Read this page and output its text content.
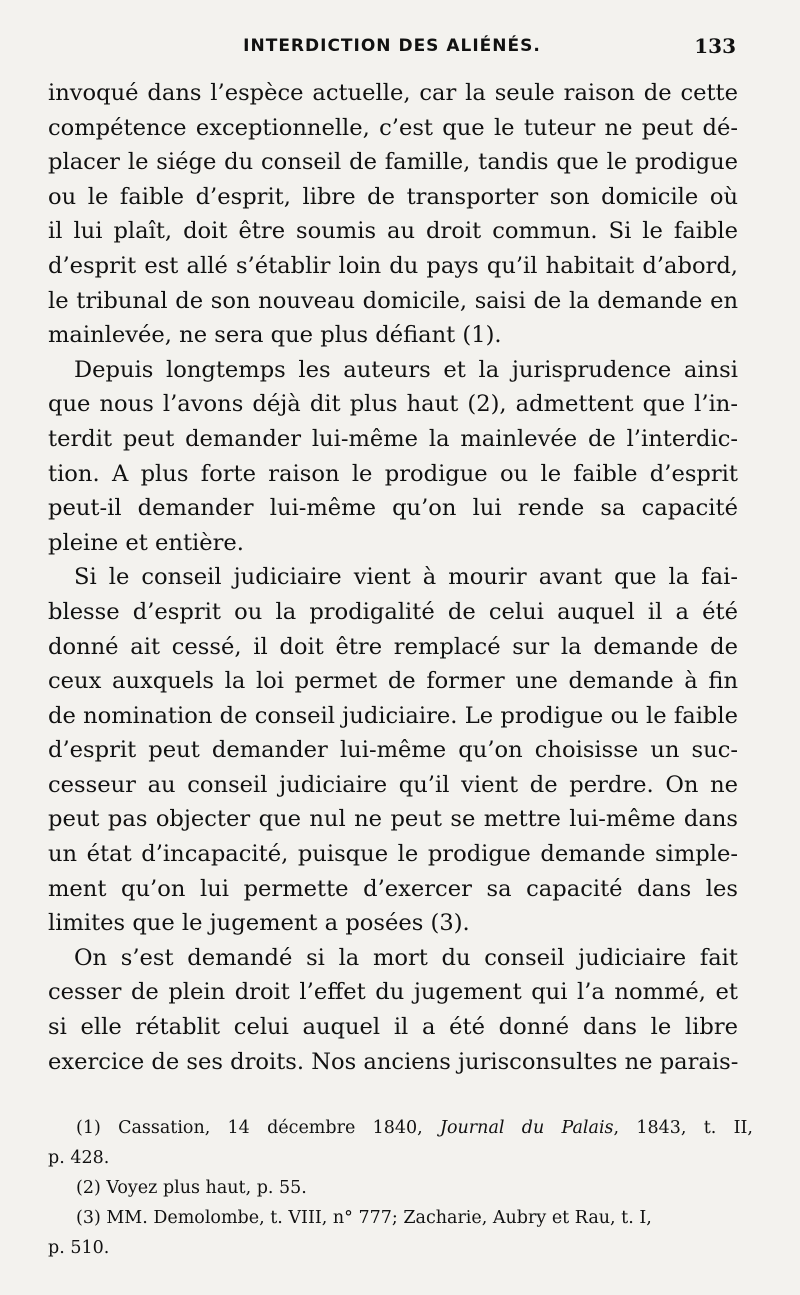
INTERDICTION DES ALIÉNÉS.	133
invoqué dans l’espèce actuelle, car la seule raison de cette
compétence exceptionnelle, c’est que le tuteur ne peut dé-
placer le siége du conseil de famille, tandis que le prodigue
ou le faible d’esprit, libre de transporter son domicile où
il lui plaît, doit être soumis au droit commun. Si le faible
d’esprit est allé s’établir loin du pays qu’il habitait d’abord,
le tribunal de son nouveau domicile, saisi de la demande en
mainlevée, ne sera que plus défiant (1).
Depuis longtemps les auteurs et la jurisprudence ainsi
que nous l’avons déjà dit plus haut (2), admettent que l’in-
terdit peut demander lui-même la mainlevée de l’interdic-
tion. A plus forte raison le prodigue ou le faible d’esprit
peut-il demander lui-même qu’on lui rende sa capacité
pleine et entière.
Si le conseil judiciaire vient à mourir avant que la fai-
blesse d’esprit ou la prodigalité de celui auquel il a été
donné ait cessé, il doit être remplacé sur la demande de
ceux auxquels la loi permet de former une demande à fin
de nomination de conseil judiciaire. Le prodigue ou le faible
d’esprit peut demander lui-même qu’on choisisse un suc-
cesseur au conseil judiciaire qu’il vient de perdre. On ne
peut pas objecter que nul ne peut se mettre lui-même dans
un état d’incapacité, puisque le prodigue demande simple-
ment qu’on lui permette d’exercer sa capacité dans les
limites que le jugement a posées (3).
On s’est demandé si la mort du conseil judiciaire fait
cesser de plein droit l’effet du jugement qui l’a nommé, et
si elle rétablit celui auquel il a été donné dans le libre
exercice de ses droits. Nos anciens jurisconsultes ne parais-
(1) Cassation, 14 décembre 1840, Journal du Palais, 1843, t. II,
p. 428.
(2) Voyez plus haut, p. 55.
(3) MM. Demolombe, t. VIII, n° 777; Zacharie, Aubry et Rau, t. I,
p. 510.
